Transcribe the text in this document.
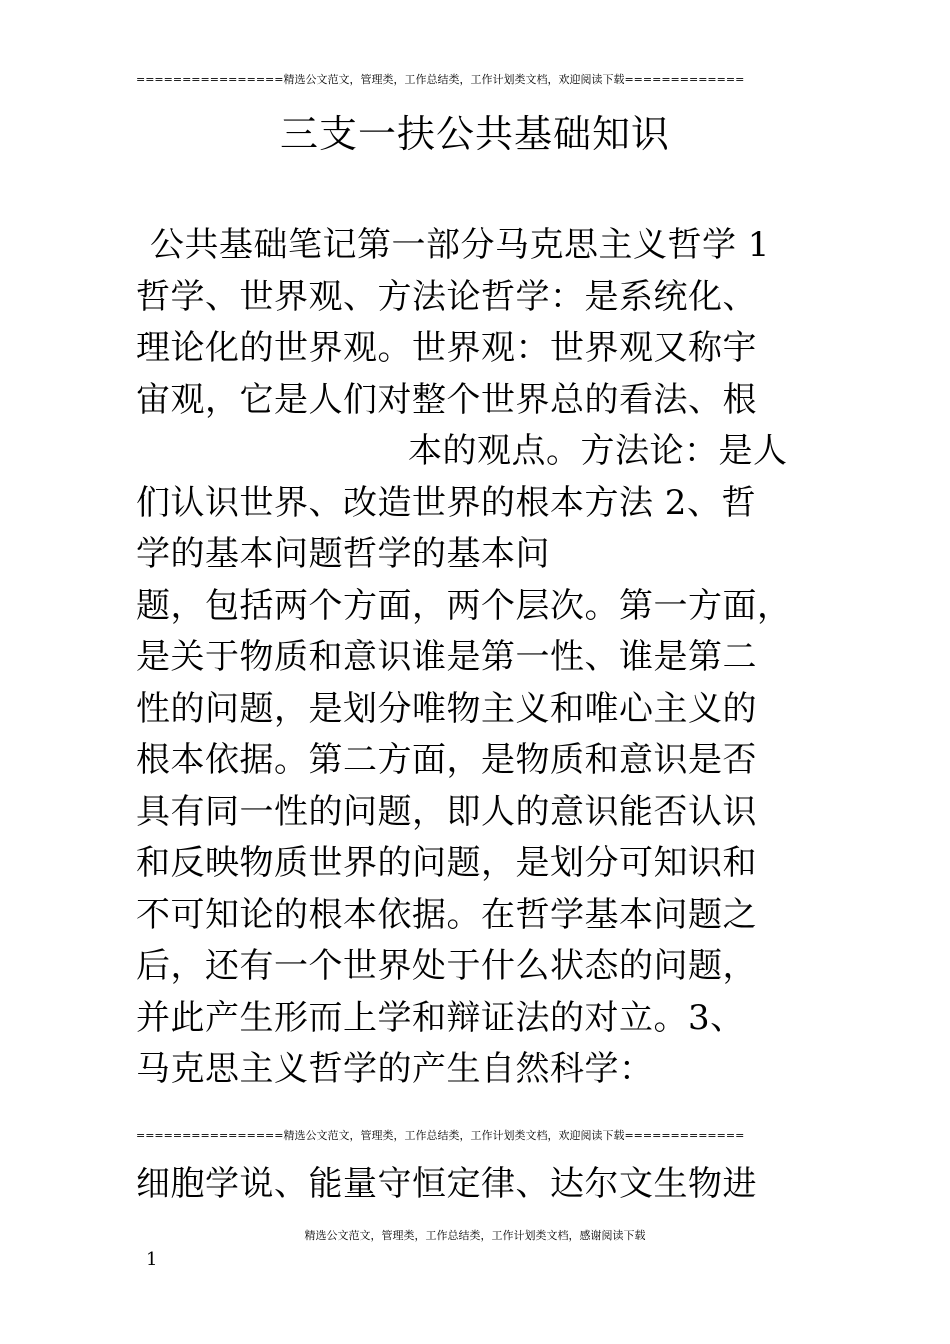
================精选公文范文，管理类，工作总结类，工作计划类文档，欢迎阅读下载=============
三支一扶公共基础知识
公共基础笔记第一部分马克思主义哲学 1
哲学、世界观、方法论哲学：是系统化、
理论化的世界观。世界观：世界观又称宇
宙观，它是人们对整个世界总的看法、根
本的观点。方法论：是人
们认识世界、改造世界的根本方法 2、哲
学的基本问题哲学的基本问
题，包括两个方面，两个层次。第一方面，
是关于物质和意识谁是第一性、谁是第二
性的问题，是划分唯物主义和唯心主义的
根本依据。第二方面，是物质和意识是否
具有同一性的问题，即人的意识能否认识
和反映物质世界的问题，是划分可知识和
不可知论的根本依据。在哲学基本问题之
后，还有一个世界处于什么状态的问题，
并此产生形而上学和辩证法的对立。3、
马克思主义哲学的产生自然科学：
================精选公文范文，管理类，工作总结类，工作计划类文档，欢迎阅读下载=============
细胞学说、能量守恒定律、达尔文生物进
精选公文范文，管理类，工作总结类，工作计划类文档，感谢阅读下载
1
